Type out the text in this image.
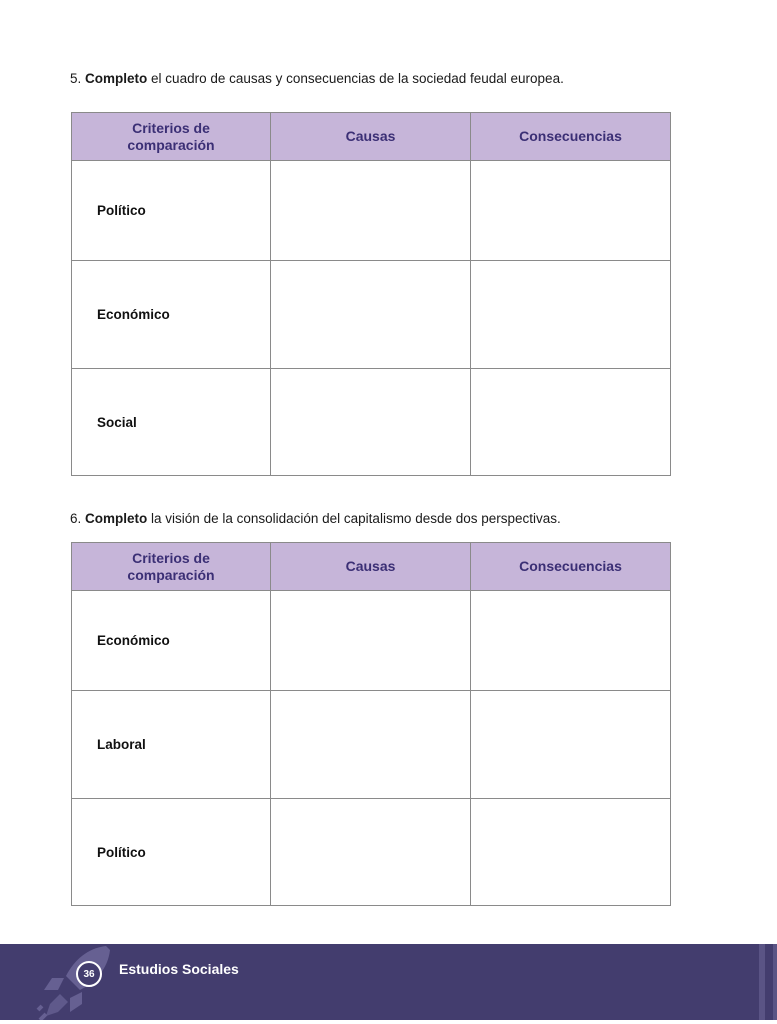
5. Completo el cuadro de causas y consecuencias de la sociedad feudal europea.
Criterios de comparación	Causas	Consecuencias
Político		
Económico		
Social		
6. Completo la visión de la consolidación del capitalismo desde dos perspectivas.
Criterios de comparación	Causas	Consecuencias
Económico		
Laboral		
Político		
36	Estudios Sociales
